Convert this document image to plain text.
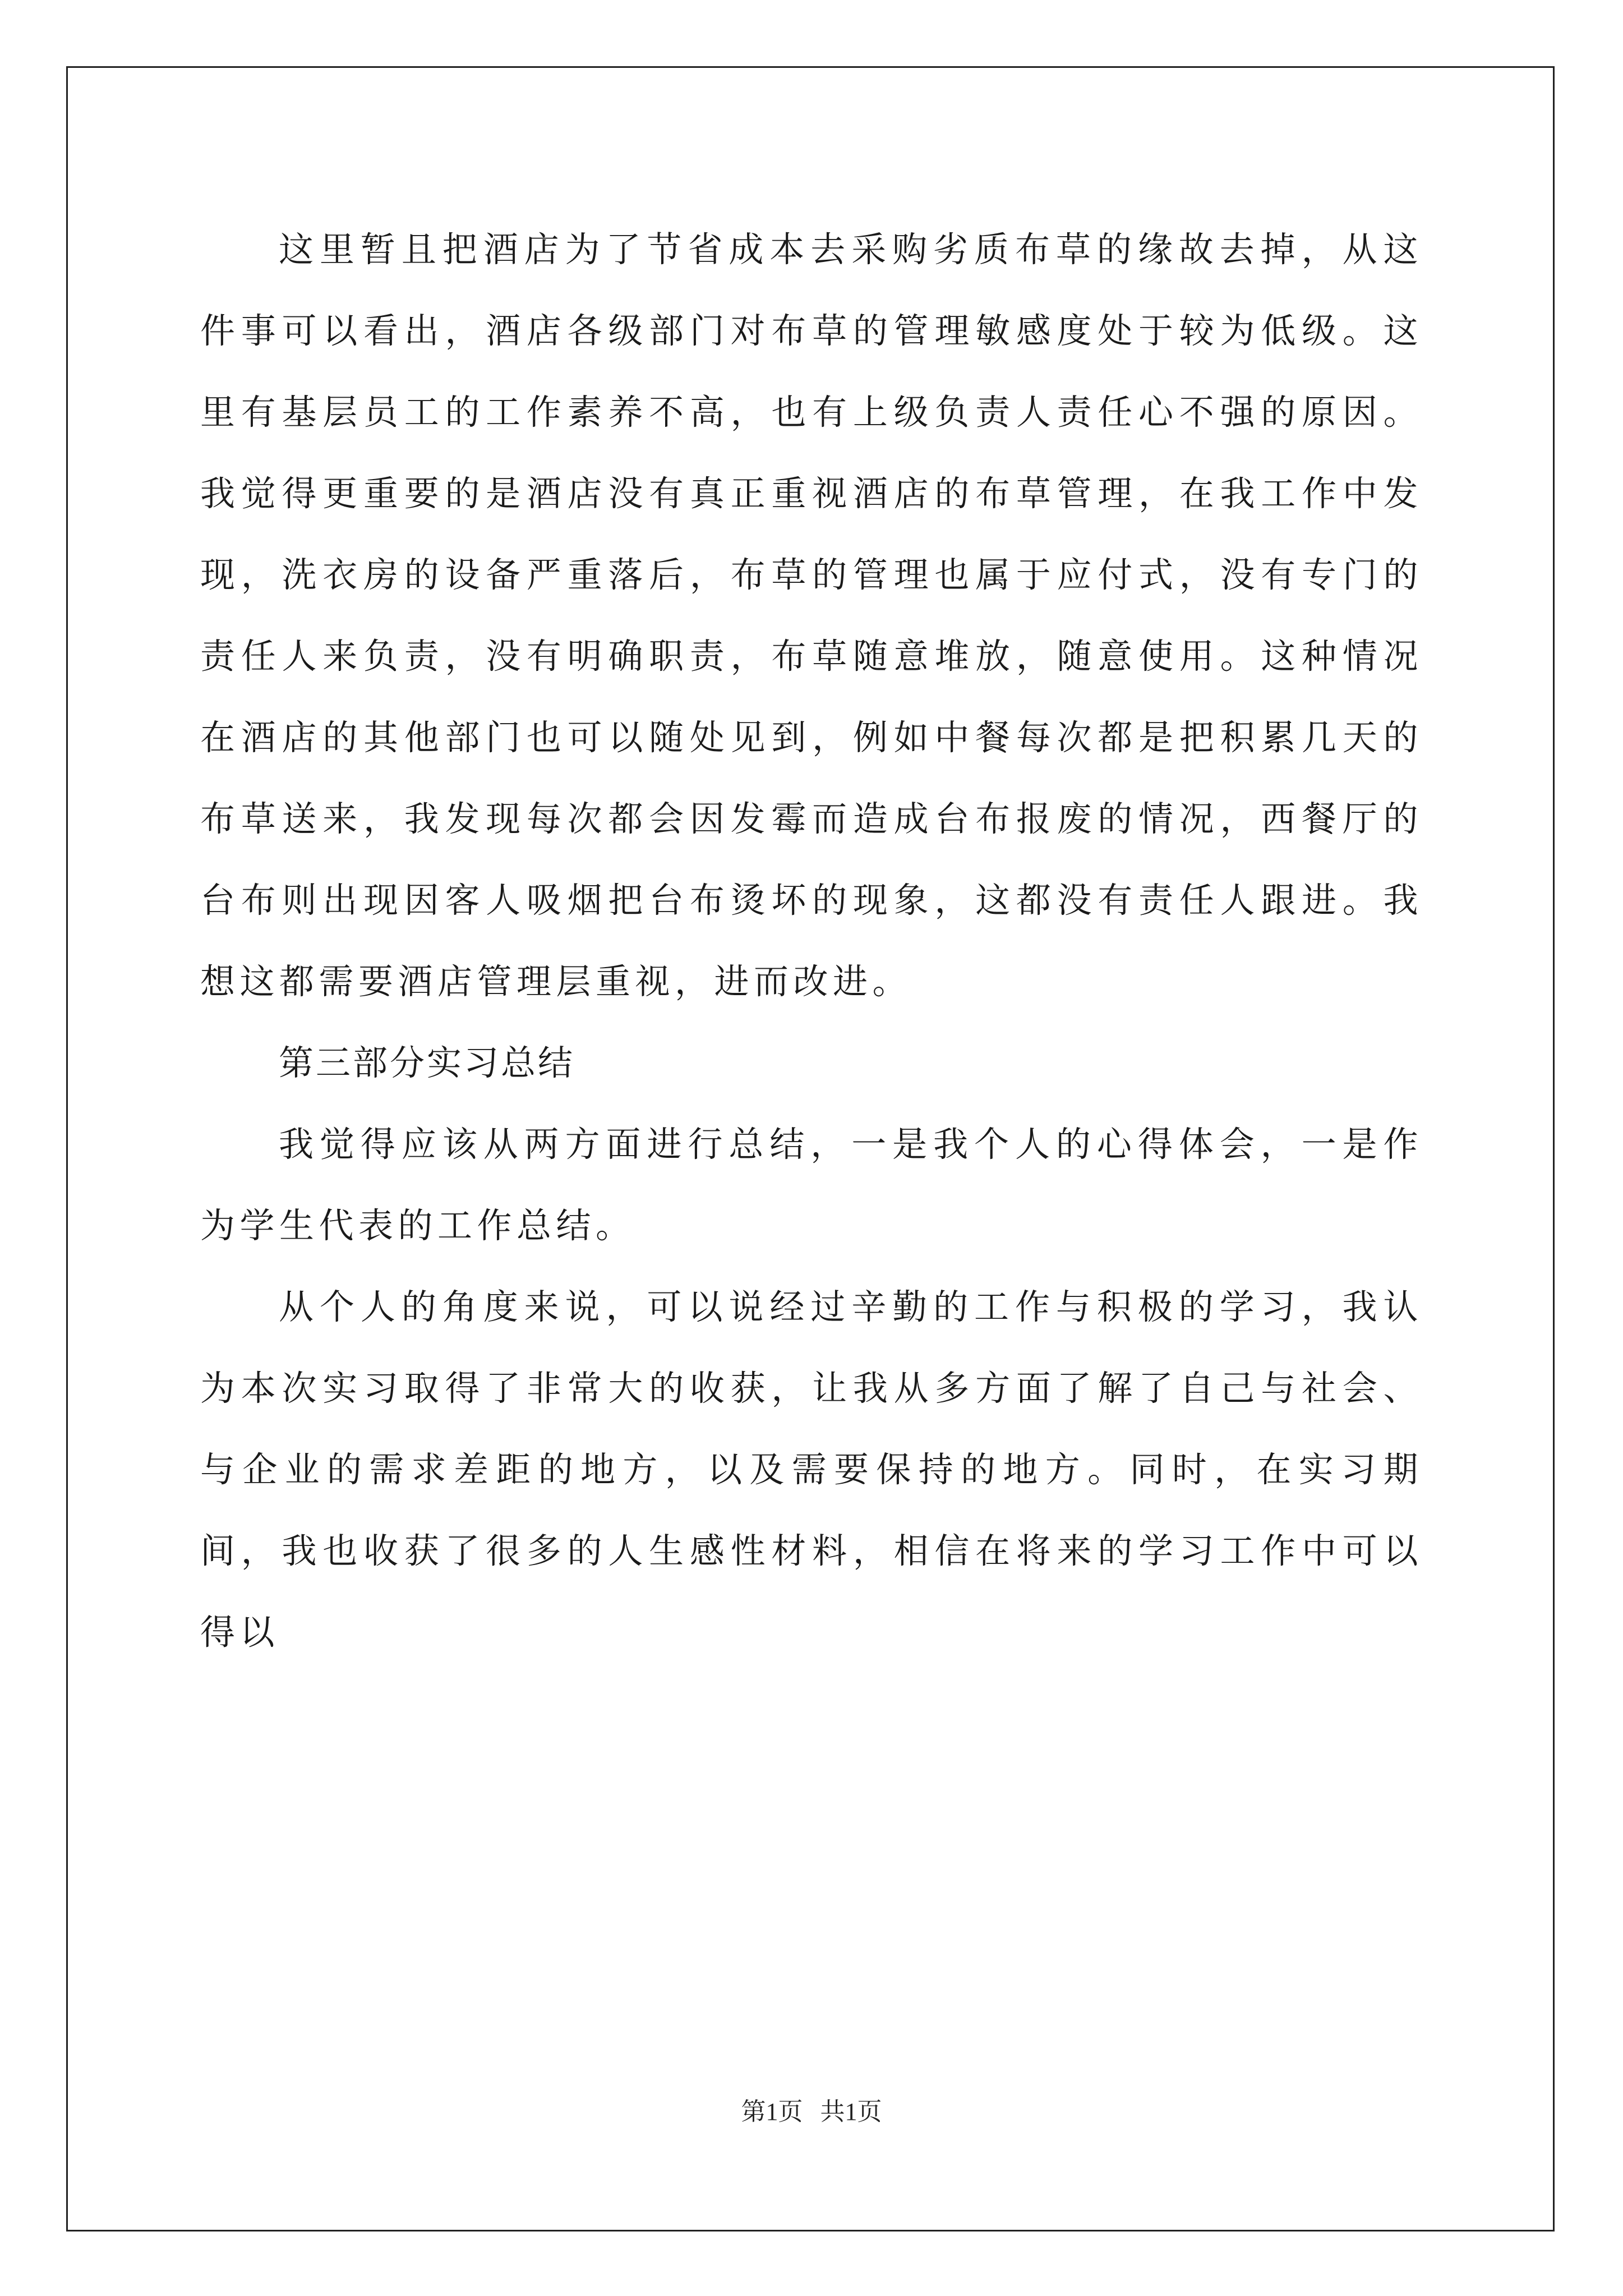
这里暂且把酒店为了节省成本去采购劣质布草的缘故去掉，从这件事可以看出，酒店各级部门对布草的管理敏感度处于较为低级。这里有基层员工的工作素养不高，也有上级负责人责任心不强的原因。我觉得更重要的是酒店没有真正重视酒店的布草管理，在我工作中发现，洗衣房的设备严重落后，布草的管理也属于应付式，没有专门的责任人来负责，没有明确职责，布草随意堆放，随意使用。这种情况在酒店的其他部门也可以随处见到，例如中餐每次都是把积累几天的布草送来，我发现每次都会因发霉而造成台布报废的情况，西餐厅的台布则出现因客人吸烟把台布烫坏的现象，这都没有责任人跟进。我想这都需要酒店管理层重视，进而改进。

第三部分实习总结

我觉得应该从两方面进行总结，一是我个人的心得体会，一是作为学生代表的工作总结。

从个人的角度来说，可以说经过辛勤的工作与积极的学习，我认为本次实习取得了非常大的收获，让我从多方面了解了自己与社会、与企业的需求差距的地方，以及需要保持的地方。同时，在实习期间，我也收获了很多的人生感性材料，相信在将来的学习工作中可以得以

第1页 共1页
